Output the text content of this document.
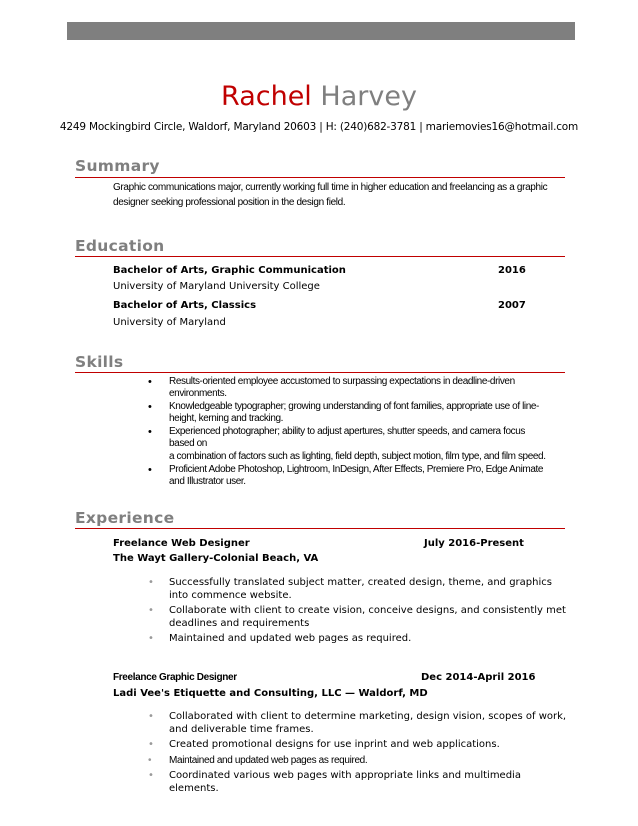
Rachel Harvey
4249 Mockingbird Circle, Waldorf, Maryland 20603 | H: (240)682-3781 | mariemovies16@hotmail.com
Summary
Graphic communications major, currently working full time in higher education and freelancing as a graphic designer seeking professional position in the design field.
Education
Bachelor of Arts, Graphic Communication	2016
University of Maryland University College
Bachelor of Arts, Classics	2007
University of Maryland
Skills
• Results-oriented employee accustomed to surpassing expectations in deadline-driven environments.
• Knowledgeable typographer; growing understanding of font families, appropriate use of line-height, kerning and tracking.
• Experienced photographer; ability to adjust apertures, shutter speeds, and camera focus based on
a combination of factors such as lighting, field depth, subject motion, film type, and film speed.
• Proficient Adobe Photoshop, Lightroom, InDesign, After Effects, Premiere Pro, Edge Animate and Illustrator user.
Experience
Freelance Web Designer	July 2016-Present
The Wayt Gallery-Colonial Beach, VA
• Successfully translated subject matter, created design, theme, and graphics into commence website.
• Collaborate with client to create vision, conceive designs, and consistently met deadlines and requirements
• Maintained and updated web pages as required.
Freelance Graphic Designer	Dec 2014-April 2016
Ladi Vee's Etiquette and Consulting, LLC — Waldorf, MD
• Collaborated with client to determine marketing, design vision, scopes of work, and deliverable time frames.
• Created promotional designs for use inprint and web applications.
• Maintained and updated web pages as required.
• Coordinated various web pages with appropriate links and multimedia elements.
